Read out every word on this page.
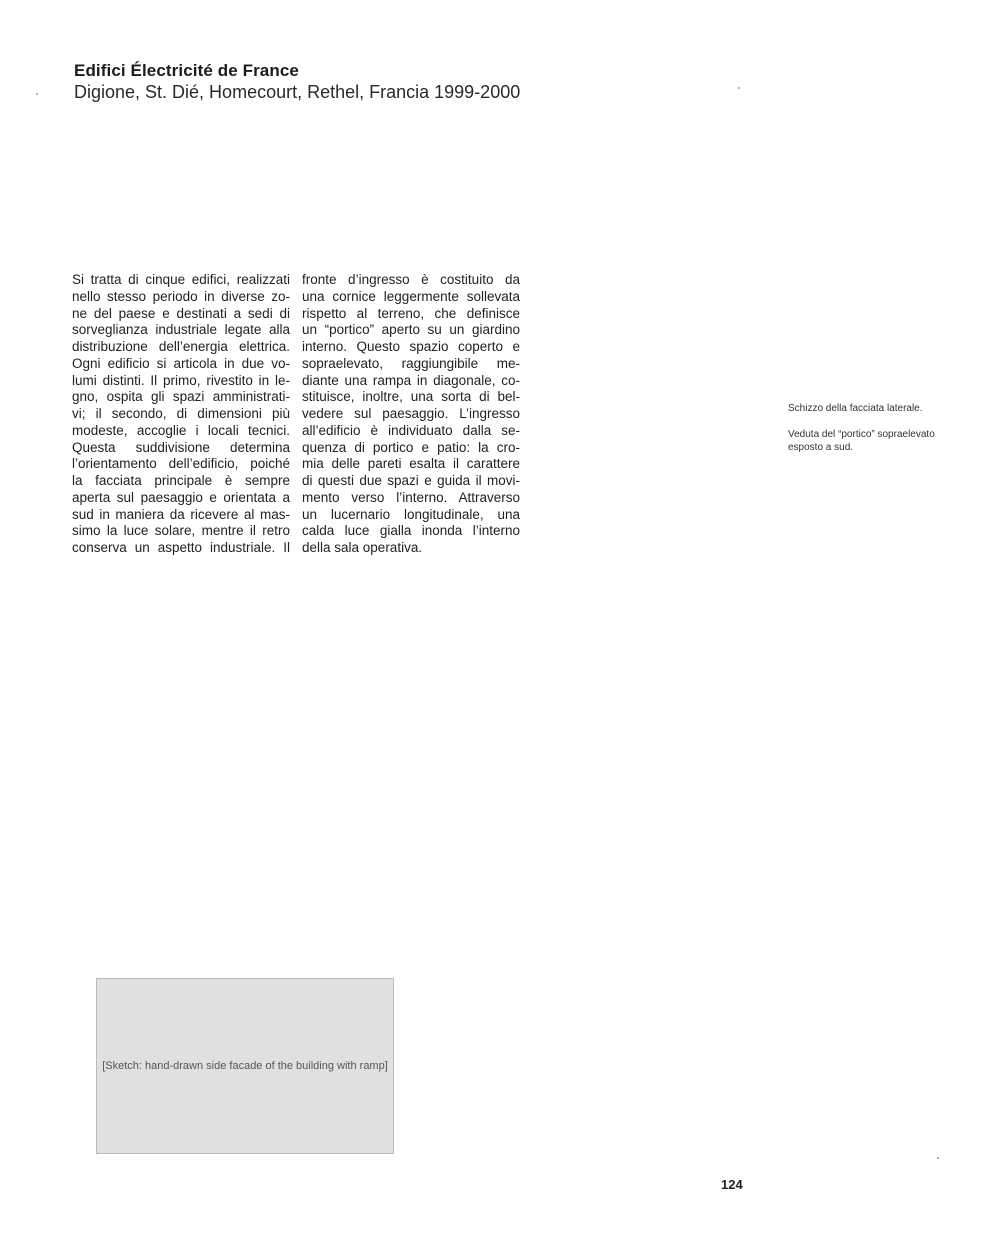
Edifici Électricité de France
Digione, St. Dié, Homecourt, Rethel, Francia 1999-2000
Si tratta di cinque edifici, realizzati
nello stesso periodo in diverse zo-
ne del paese e destinati a sedi di
sorveglianza industriale legate alla
distribuzione dell’energia elettrica.
Ogni edificio si articola in due vo-
lumi distinti. Il primo, rivestito in le-
gno, ospita gli spazi amministrati-
vi; il secondo, di dimensioni più
modeste, accoglie i locali tecnici.
Questa suddivisione determina
l’orientamento dell’edificio, poiché
la facciata principale è sempre
aperta sul paesaggio e orientata a
sud in maniera da ricevere al mas-
simo la luce solare, mentre il retro
conserva un aspetto industriale. Il
fronte d’ingresso è costituito da
una cornice leggermente sollevata
rispetto al terreno, che definisce
un “portico” aperto su un giardino
interno. Questo spazio coperto e
sopraelevato, raggiungibile me-
diante una rampa in diagonale, co-
stituisce, inoltre, una sorta di bel-
vedere sul paesaggio. L’ingresso
all’edificio è individuato dalla se-
quenza di portico e patio: la cro-
mia delle pareti esalta il carattere
di questi due spazi e guida il movi-
mento verso l’interno. Attraverso
un lucernario longitudinale, una
calda luce gialla inonda l’interno
della sala operativa.
Schizzo della facciata laterale.
Veduta del “portico” sopraelevato esposto a sud.
[Sketch: hand-drawn side facade of the building with ramp]
124
